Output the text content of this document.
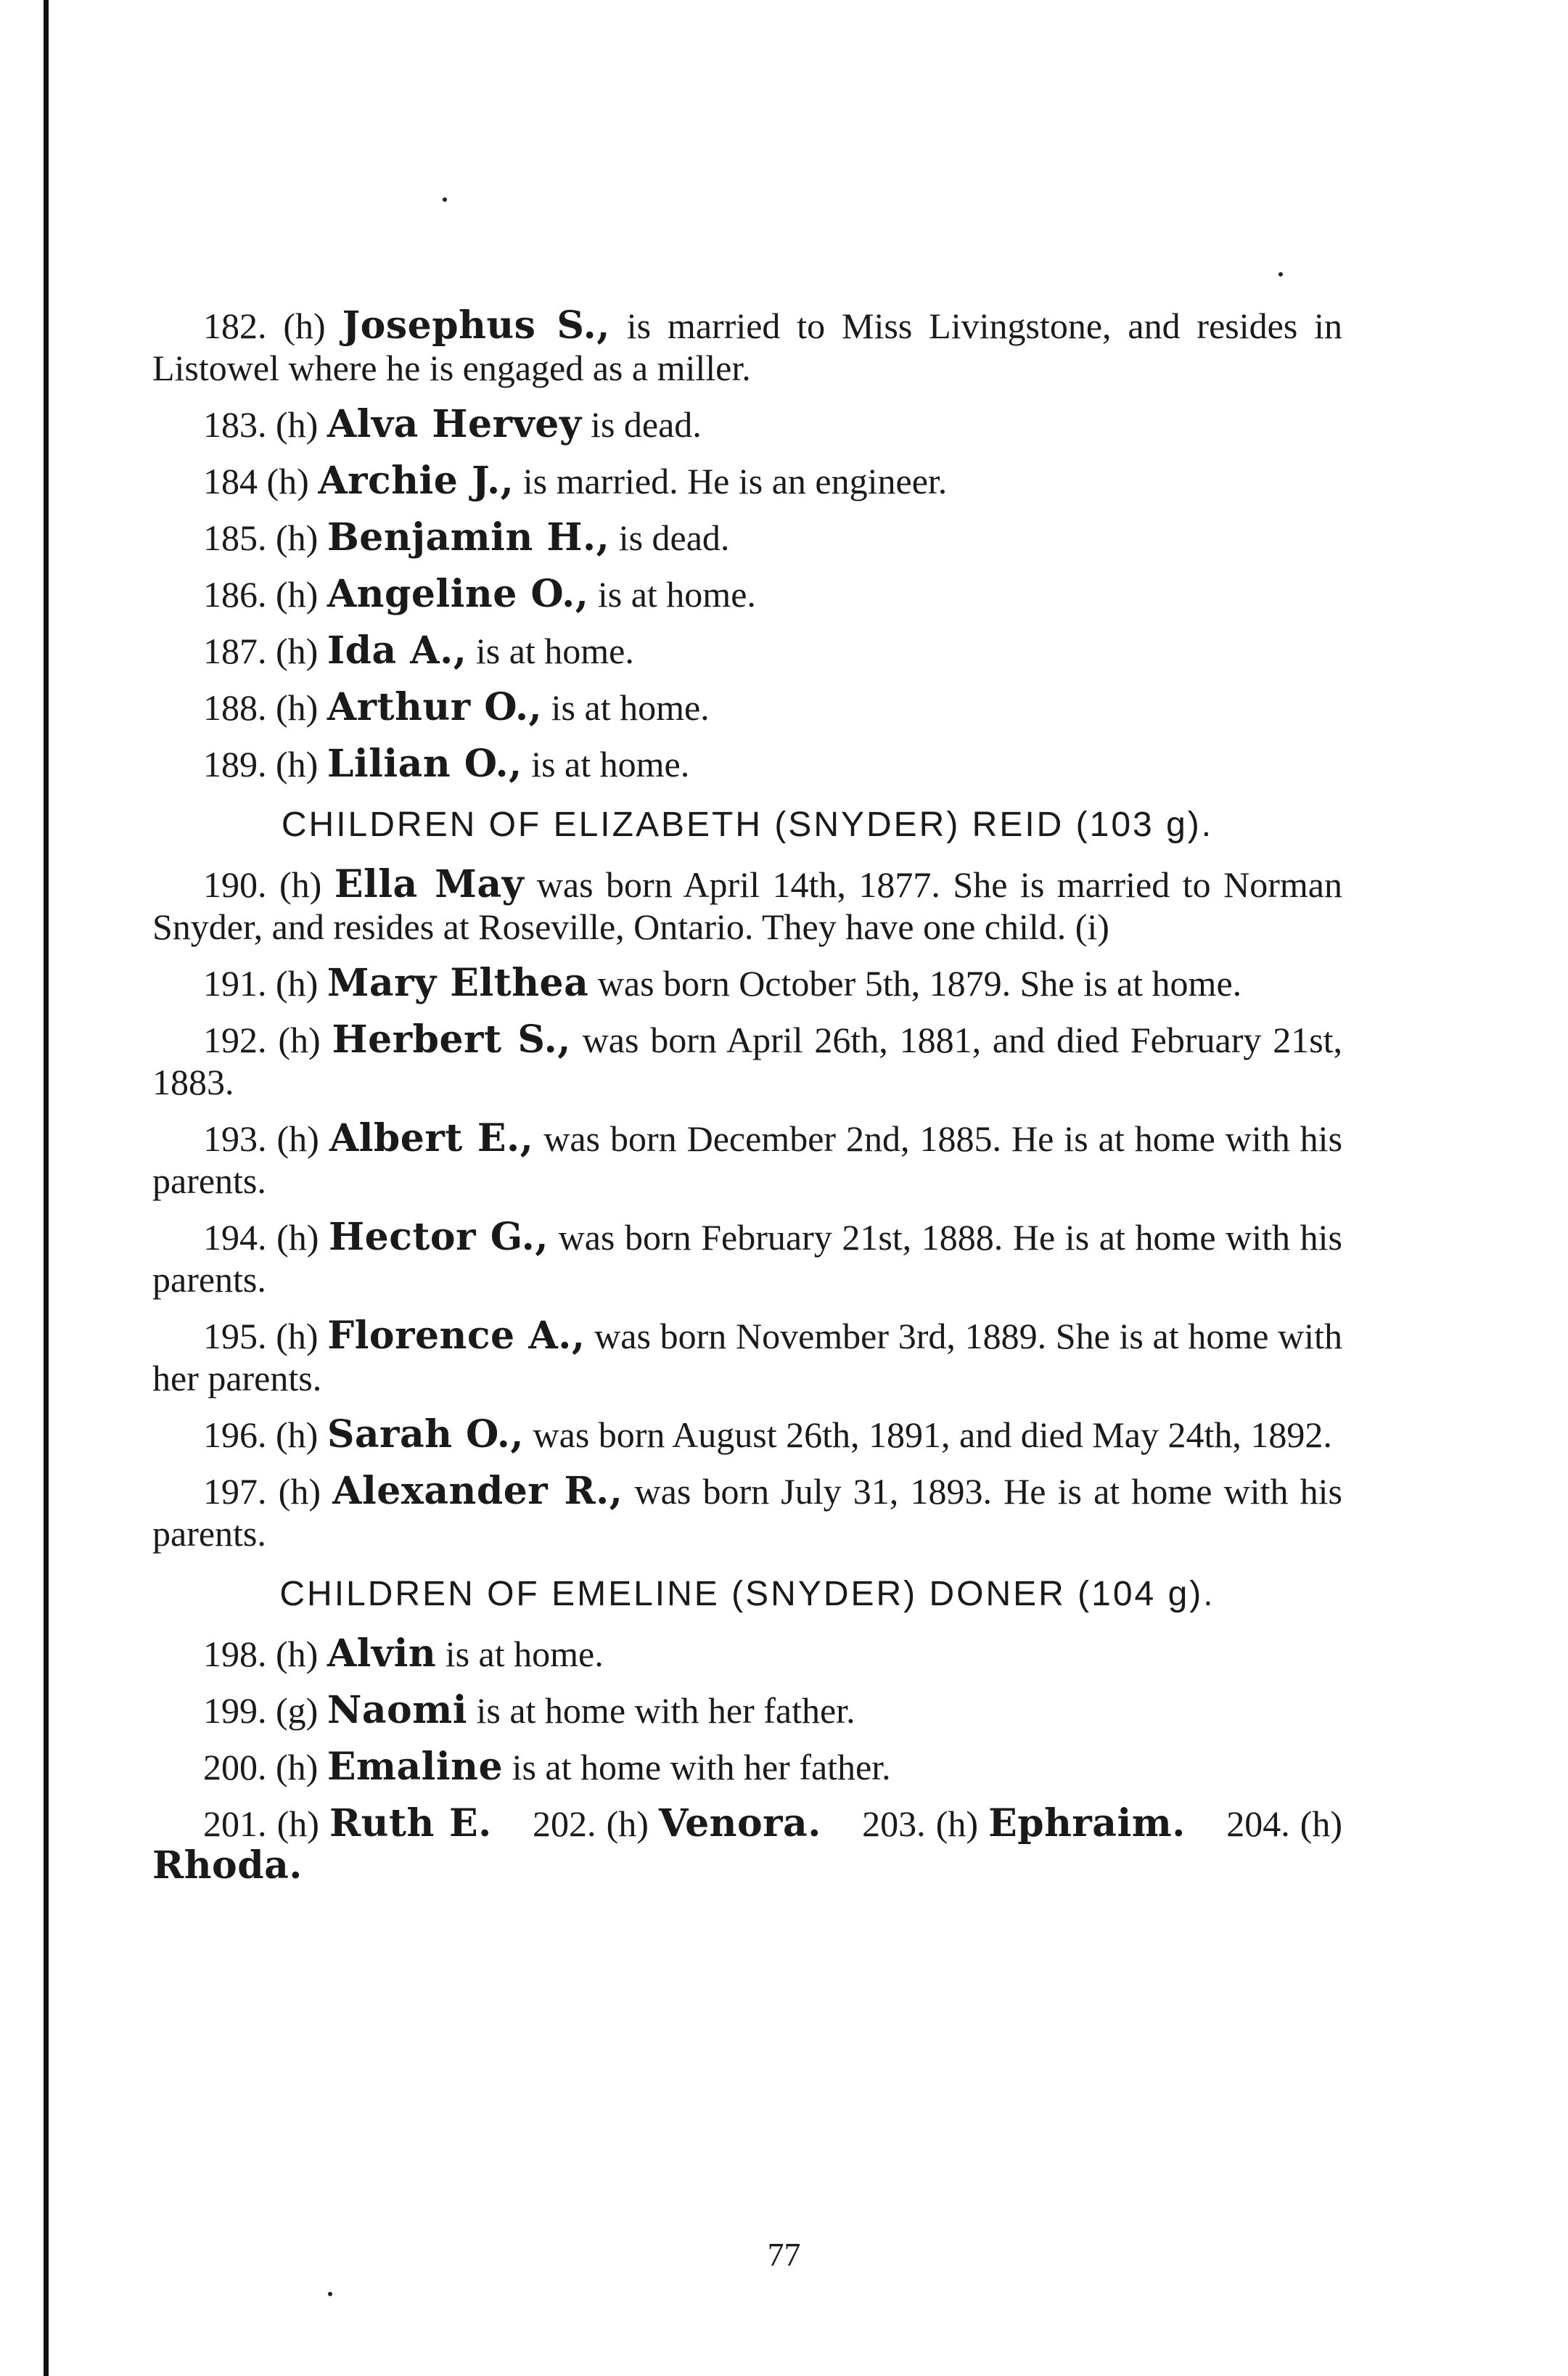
182. (h) Josephus S., is married to Miss Livingstone, and resides in Listowel where he is engaged as a miller.

183. (h) Alva Hervey is dead.

184 (h) Archie J., is married. He is an engineer.

185. (h) Benjamin H., is dead.

186. (h) Angeline O., is at home.

187. (h) Ida A., is at home.

188. (h) Arthur O., is at home.

189. (h) Lilian O., is at home.

CHILDREN OF ELIZABETH (SNYDER) REID (103 g).

190. (h) Ella May was born April 14th, 1877. She is married to Norman Snyder, and resides at Roseville, Ontario. They have one child. (i)

191. (h) Mary Elthea was born October 5th, 1879. She is at home.

192. (h) Herbert S., was born April 26th, 1881, and died February 21st, 1883.

193. (h) Albert E., was born December 2nd, 1885. He is at home with his parents.

194. (h) Hector G., was born February 21st, 1888. He is at home with his parents.

195. (h) Florence A., was born November 3rd, 1889. She is at home with her parents.

196. (h) Sarah O., was born August 26th, 1891, and died May 24th, 1892.

197. (h) Alexander R., was born July 31, 1893. He is at home with his parents.

CHILDREN OF EMELINE (SNYDER) DONER (104 g).

198. (h) Alvin is at home.

199. (g) Naomi is at home with her father.

200. (h) Emaline is at home with her father.

201. (h) Ruth E. 202. (h) Venora. 203. (h) Ephraim. 204. (h) Rhoda.

77
